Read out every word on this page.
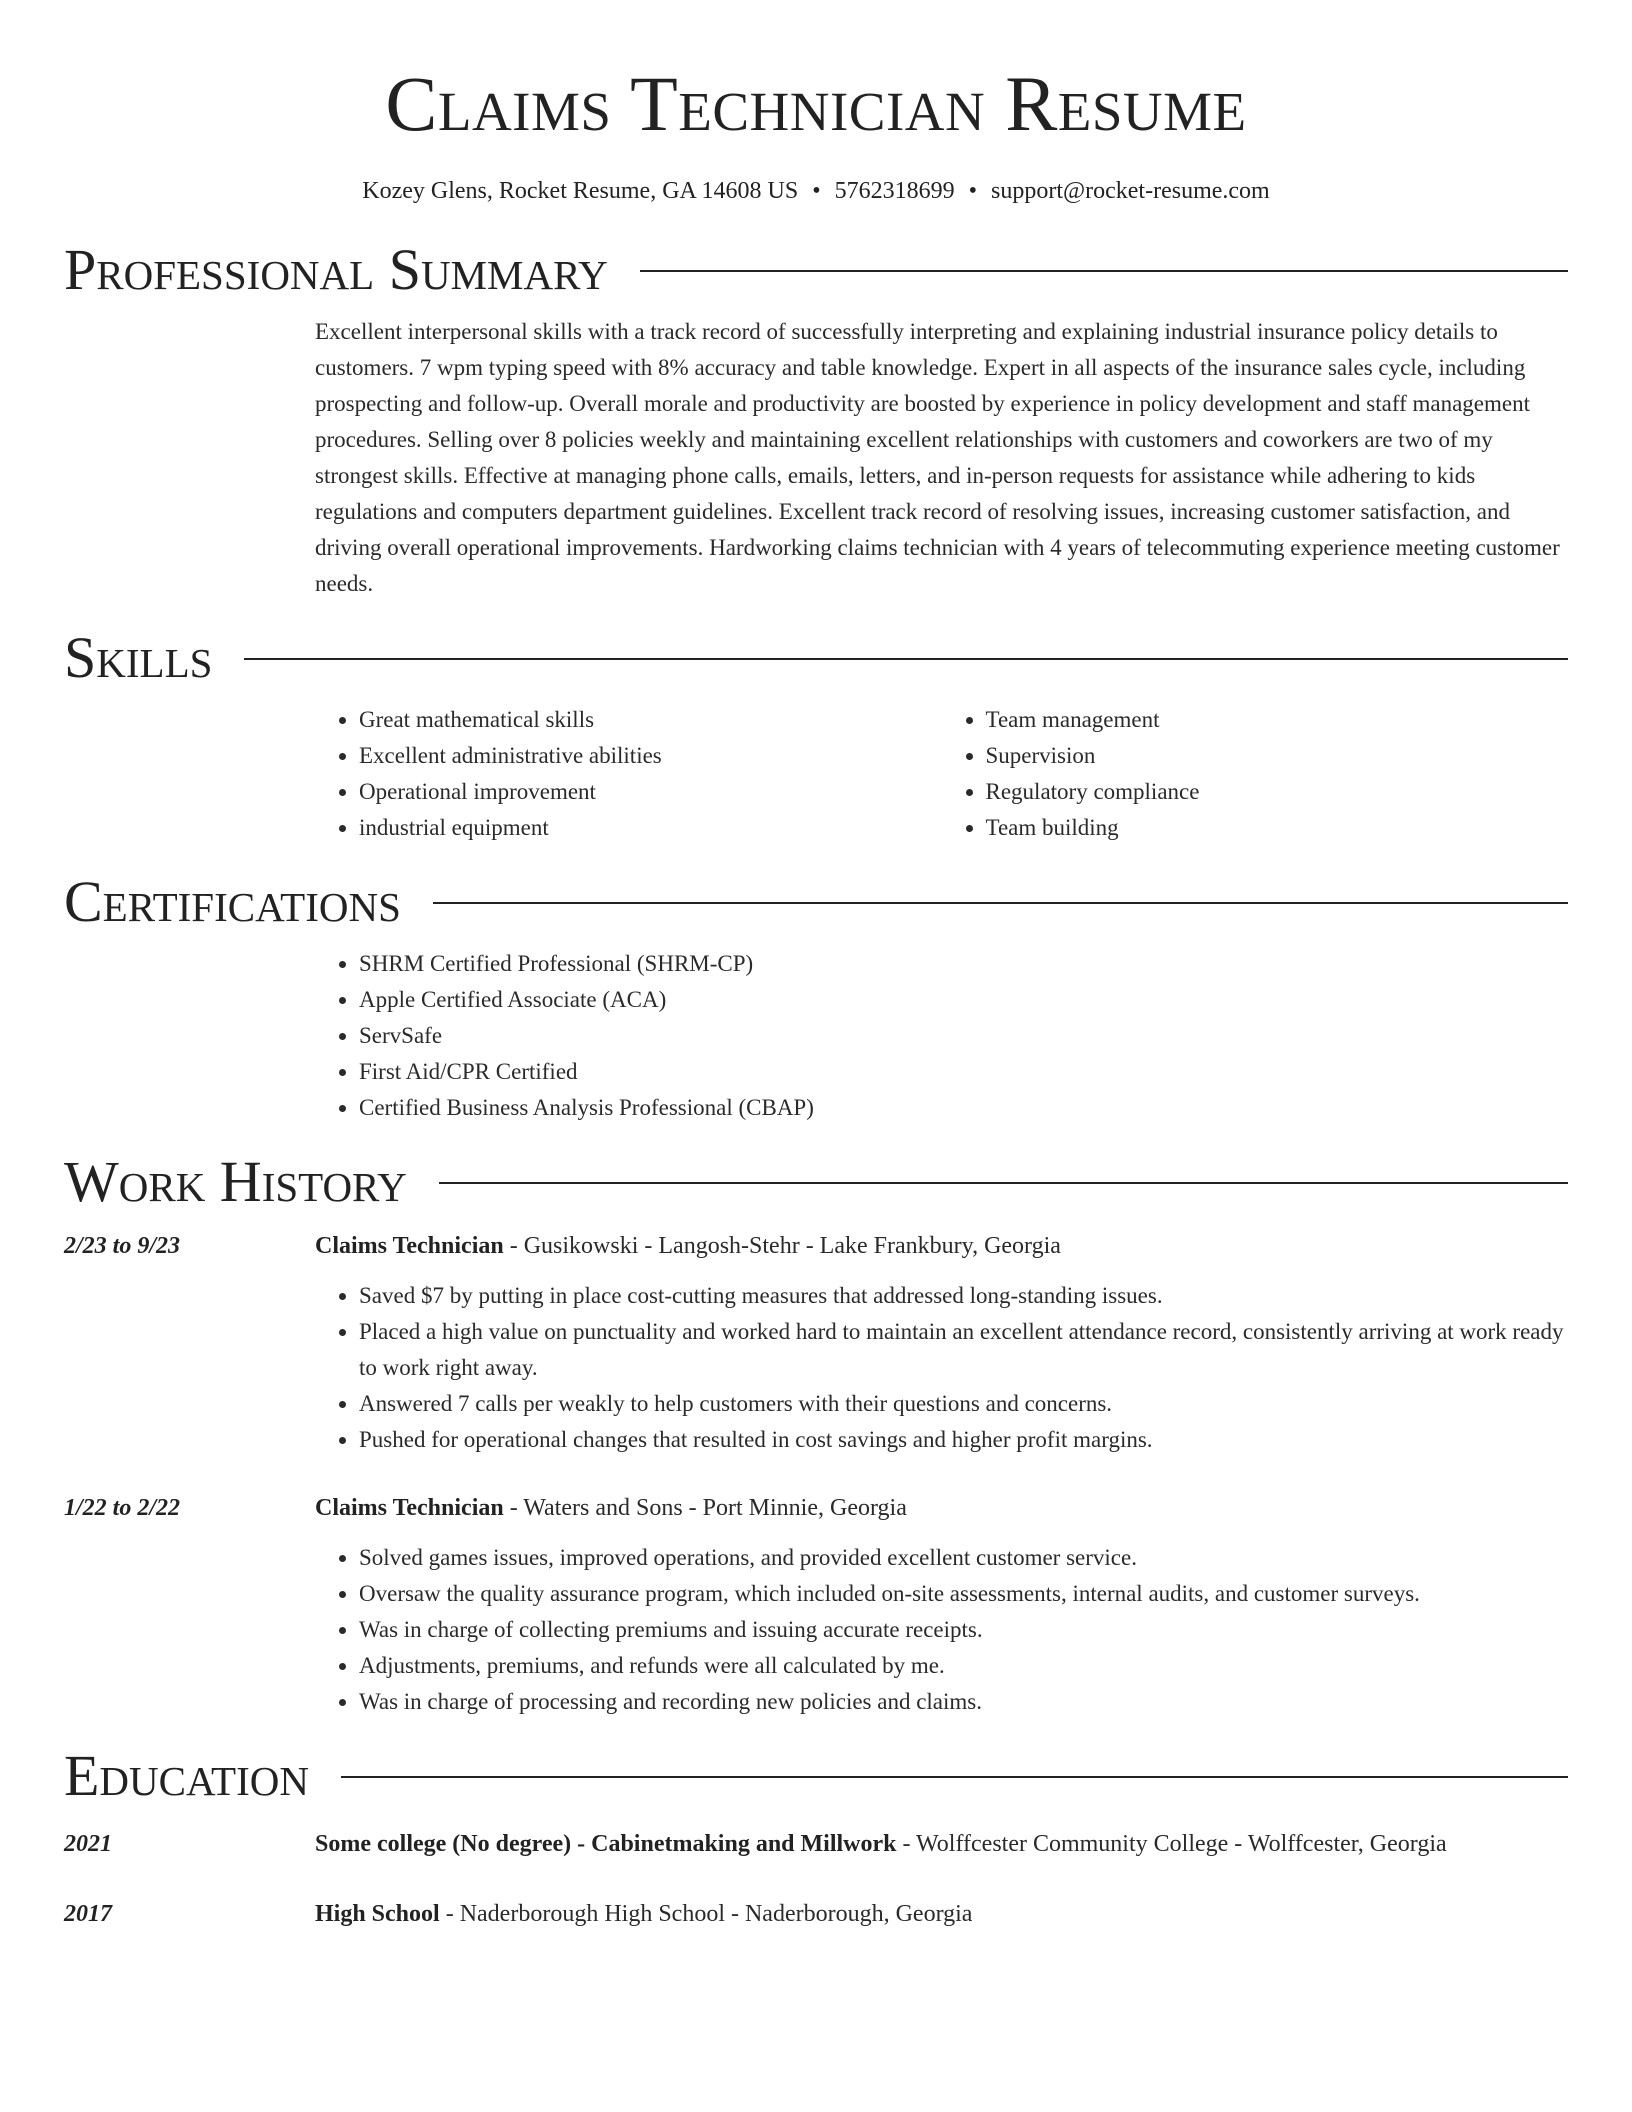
Claims Technician Resume
Kozey Glens, Rocket Resume, GA 14608 US • 5762318699 • support@rocket-resume.com
Professional Summary
Excellent interpersonal skills with a track record of successfully interpreting and explaining industrial insurance policy details to customers. 7 wpm typing speed with 8% accuracy and table knowledge. Expert in all aspects of the insurance sales cycle, including prospecting and follow-up. Overall morale and productivity are boosted by experience in policy development and staff management procedures. Selling over 8 policies weekly and maintaining excellent relationships with customers and coworkers are two of my strongest skills. Effective at managing phone calls, emails, letters, and in-person requests for assistance while adhering to kids regulations and computers department guidelines. Excellent track record of resolving issues, increasing customer satisfaction, and driving overall operational improvements. Hardworking claims technician with 4 years of telecommuting experience meeting customer needs.
Skills
• Great mathematical skills
• Excellent administrative abilities
• Operational improvement
• industrial equipment
• Team management
• Supervision
• Regulatory compliance
• Team building
Certifications
• SHRM Certified Professional (SHRM-CP)
• Apple Certified Associate (ACA)
• ServSafe
• First Aid/CPR Certified
• Certified Business Analysis Professional (CBAP)
Work History
2/23 to 9/23	Claims Technician - Gusikowski - Langosh-Stehr - Lake Frankbury, Georgia
• Saved $7 by putting in place cost-cutting measures that addressed long-standing issues.
• Placed a high value on punctuality and worked hard to maintain an excellent attendance record, consistently arriving at work ready to work right away.
• Answered 7 calls per weakly to help customers with their questions and concerns.
• Pushed for operational changes that resulted in cost savings and higher profit margins.
1/22 to 2/22	Claims Technician - Waters and Sons - Port Minnie, Georgia
• Solved games issues, improved operations, and provided excellent customer service.
• Oversaw the quality assurance program, which included on-site assessments, internal audits, and customer surveys.
• Was in charge of collecting premiums and issuing accurate receipts.
• Adjustments, premiums, and refunds were all calculated by me.
• Was in charge of processing and recording new policies and claims.
Education
2021	Some college (No degree) - Cabinetmaking and Millwork - Wolffcester Community College - Wolffcester, Georgia
2017	High School - Naderborough High School - Naderborough, Georgia
